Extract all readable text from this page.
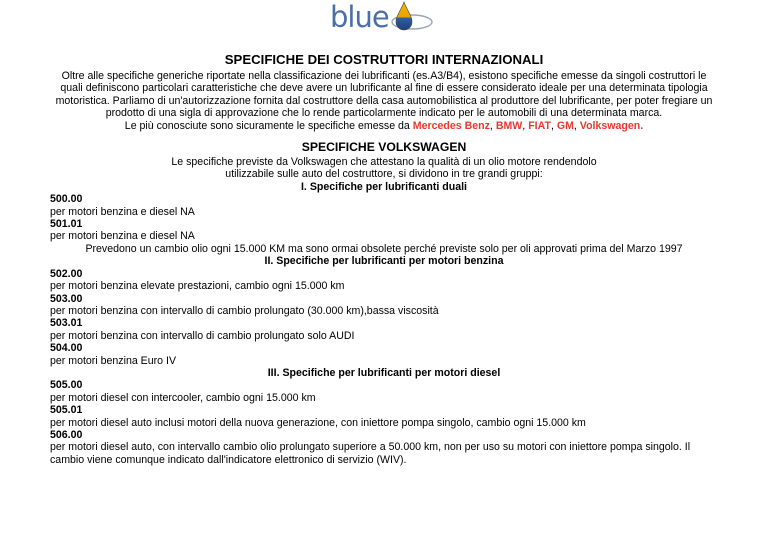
blue
SPECIFICHE DEI COSTRUTTORI INTERNAZIONALI

Oltre alle specifiche generiche riportate nella classificazione dei lubrificanti (es.A3/B4), esistono specifiche emesse da singoli costruttori le quali definiscono particolari caratteristiche che deve avere un lubrificante al fine di essere considerato ideale per una determinata tipologia motoristica. Parliamo di un'autorizzazione fornita dal costruttore della casa automobilistica al produttore del lubrificante, per poter fregiare un prodotto di una sigla di approvazione che lo rende particolarmente indicato per le automobili di una determinata marca.
Le più conosciute sono sicuramente le specifiche emesse da Mercedes Benz, BMW, FIAT, GM, Volkswagen.

SPECIFICHE VOLKSWAGEN

Le specifiche previste da Volkswagen che attestano la qualità di un olio motore rendendolo
utilizzabile sulle auto del costruttore, si dividono in tre grandi gruppi:

I. Specifiche per lubrificanti duali

500.00

per motori benzina e diesel NA

501.01

per motori benzina e diesel NA

Prevedono un cambio olio ogni 15.000 KM ma sono ormai obsolete perché previste solo per oli approvati prima del Marzo 1997

II. Specifiche per lubrificanti per motori benzina

502.00

per motori benzina elevate prestazioni, cambio ogni 15.000 km

503.00

per motori benzina con intervallo di cambio prolungato (30.000 km),bassa viscosità

503.01

per motori benzina con intervallo di cambio prolungato solo AUDI

504.00

per motori benzina Euro IV

III. Specifiche per lubrificanti per motori diesel

505.00

per motori diesel con intercooler, cambio ogni 15.000 km

505.01

per motori diesel auto inclusi motori della nuova generazione, con iniettore pompa singolo, cambio ogni 15.000 km

506.00

per motori diesel auto, con intervallo cambio olio prolungato superiore a 50.000 km, non per uso su motori con iniettore pompa singolo. Il cambio viene comunque indicato dall'indicatore elettronico di servizio (WIV).
